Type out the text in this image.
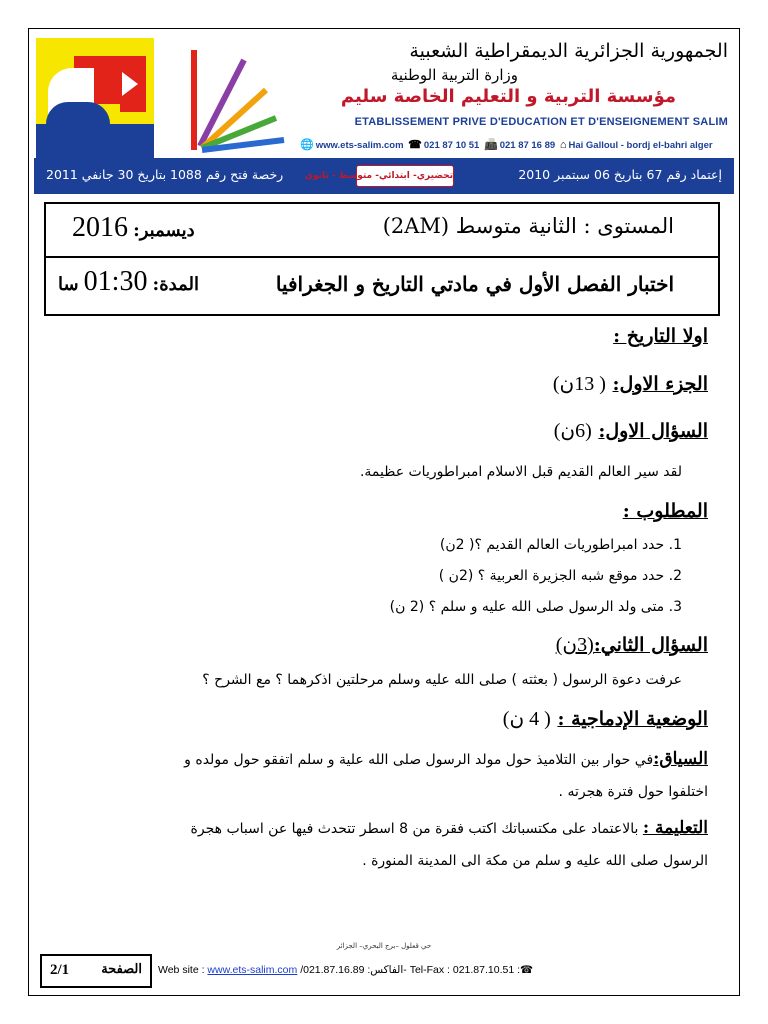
ECOLE SALIM
الجمهورية الجزائرية الديمقراطية الشعبية
وزارة التربية الوطنية
مؤسسة التربية و التعليم الخاصة سليم
ETABLISSEMENT PRIVE D'EDUCATION ET D'ENSEIGNEMENT SALIM
🌐 www.ets-salim.com ☎ 021 87 10 51 📠 021 87 16 89 ⌂ Hai Galloul - bordj el-bahri alger
إعتماد رقم 67 بتاريخ 06 سبتمبر 2010
تحضيري- ابتدائي- متوسط - ثانوي
رخصة فتح رقم 1088 بتاريخ 30 جانفي 2011
المستوى : الثانية متوسط (2AM)
ديسمبر: 2016
اختبار الفصل الأول في مادتي التاريخ و الجغرافيا
المدة: 01:30 سا
اولا التاريخ :
الجزء الاول: ( 13ن)
السؤال الاول: (6ن)
لقد سير العالم القديم قبل الاسلام امبراطوريات عظيمة.
المطلوب :
1. حدد امبراطوريات العالم القديم ؟( 2ن)
2. حدد موقع شبه الجزيرة العربية ؟ (2ن )
3. متى ولد الرسول صلى الله عليه و سلم ؟ (2 ن)
السؤال الثاني:(3ن)
عرفت دعوة الرسول ( بعثته ) صلى الله عليه وسلم مرحلتين اذكرهما ؟ مع الشرح ؟
الوضعية الإدماجية : ( 4 ن)
السياق:في حوار بين التلاميذ حول مولد الرسول صلى الله علية و سلم اتفقو حول مولده و
اختلفوا حول فترة هجرته .
التعليمة : بالاعتماد على مكتسباتك اكتب فقرة من 8 اسطر تتحدث فيها عن اسباب هجرة
الرسول صلى الله عليه و سلم من مكة الى المدينة المنورة .
حي قعلول –برج البحري– الجزائر
الصفحة
2/1	Web site : www.ets-salim.com /021.87.16.89 :الفاكس- Tel-Fax : 021.87.10.51 :☎
